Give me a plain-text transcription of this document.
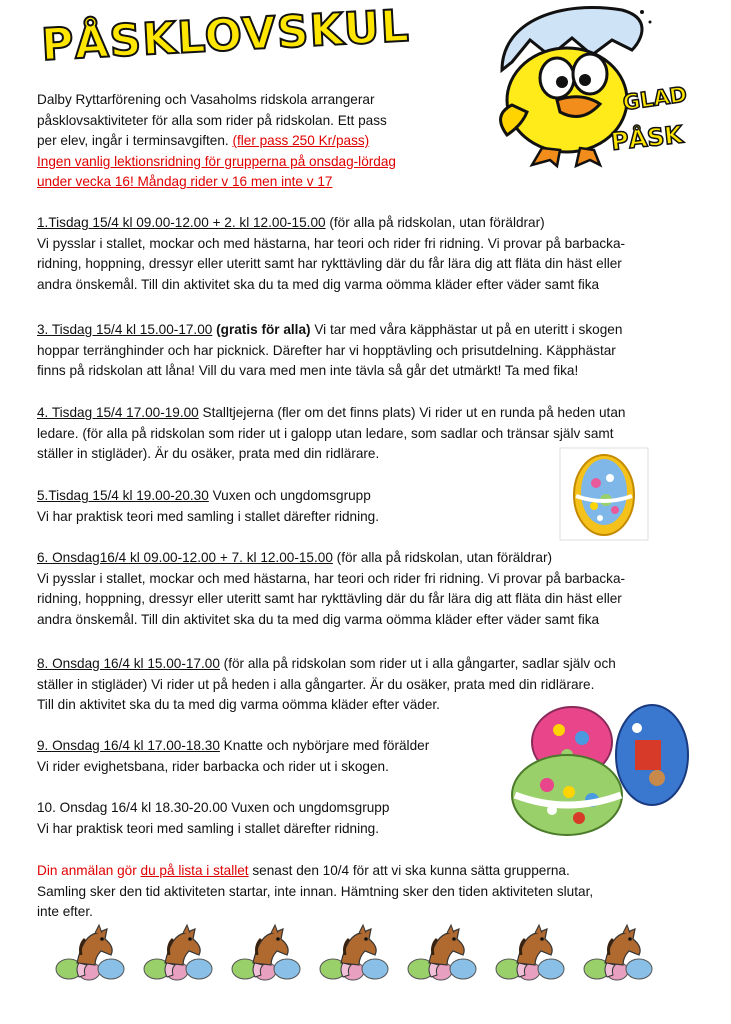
PÅSKLOVSKUL
GLAD
PÅSK
Dalby Ryttarförening och Vasaholms ridskola arrangerar
påsklovsaktiviteter för alla som rider på ridskolan. Ett pass
per elev, ingår i terminsavgiften. (fler pass 250 Kr/pass)
Ingen vanlig lektionsridning för grupperna på onsdag-lördag
under vecka 16! Måndag rider v 16 men inte v 17
1.Tisdag 15/4 kl 09.00-12.00 + 2. kl 12.00-15.00 (för alla på ridskolan, utan föräldrar)
Vi pysslar i stallet, mockar och med hästarna, har teori och rider fri ridning. Vi provar på barbacka-
ridning, hoppning, dressyr eller uteritt samt har rykttävling där du får lära dig att fläta din häst eller
andra önskemål. Till din aktivitet ska du ta med dig varma oömma kläder efter väder samt fika
3. Tisdag 15/4 kl 15.00-17.00 (gratis för alla) Vi tar med våra käpphästar ut på en uteritt i skogen
hoppar terränghinder och har picknick. Därefter har vi hopptävling och prisutdelning. Käpphästar
finns på ridskolan att låna! Vill du vara med men inte tävla så går det utmärkt! Ta med fika!
4. Tisdag 15/4 17.00-19.00 Stalltjejerna (fler om det finns plats) Vi rider ut en runda på heden utan
ledare. (för alla på ridskolan som rider ut i galopp utan ledare, som sadlar och tränsar själv samt
ställer in stigläder). Är du osäker, prata med din ridlärare.
5.Tisdag 15/4 kl 19.00-20.30 Vuxen och ungdomsgrupp
Vi har praktisk teori med samling i stallet därefter ridning.
6. Onsdag16/4 kl 09.00-12.00 + 7. kl 12.00-15.00 (för alla på ridskolan, utan föräldrar)
Vi pysslar i stallet, mockar och med hästarna, har teori och rider fri ridning. Vi provar på barbacka-
ridning, hoppning, dressyr eller uteritt samt har rykttävling där du får lära dig att fläta din häst eller
andra önskemål. Till din aktivitet ska du ta med dig varma oömma kläder efter väder samt fika
8. Onsdag 16/4 kl 15.00-17.00 (för alla på ridskolan som rider ut i alla gångarter, sadlar själv och
ställer in stigläder) Vi rider ut på heden i alla gångarter. Är du osäker, prata med din ridlärare.
Till din aktivitet ska du ta med dig varma oömma kläder efter väder.
9. Onsdag 16/4 kl 17.00-18.30 Knatte och nybörjare med förälder
Vi rider evighetsbana, rider barbacka och rider ut i skogen.
10. Onsdag 16/4 kl 18.30-20.00 Vuxen och ungdomsgrupp
Vi har praktisk teori med samling i stallet därefter ridning.
Din anmälan gör du på lista i stallet senast den 10/4 för att vi ska kunna sätta grupperna.
Samling sker den tid aktiviteten startar, inte innan. Hämtning sker den tiden aktiviteten slutar,
inte efter.
